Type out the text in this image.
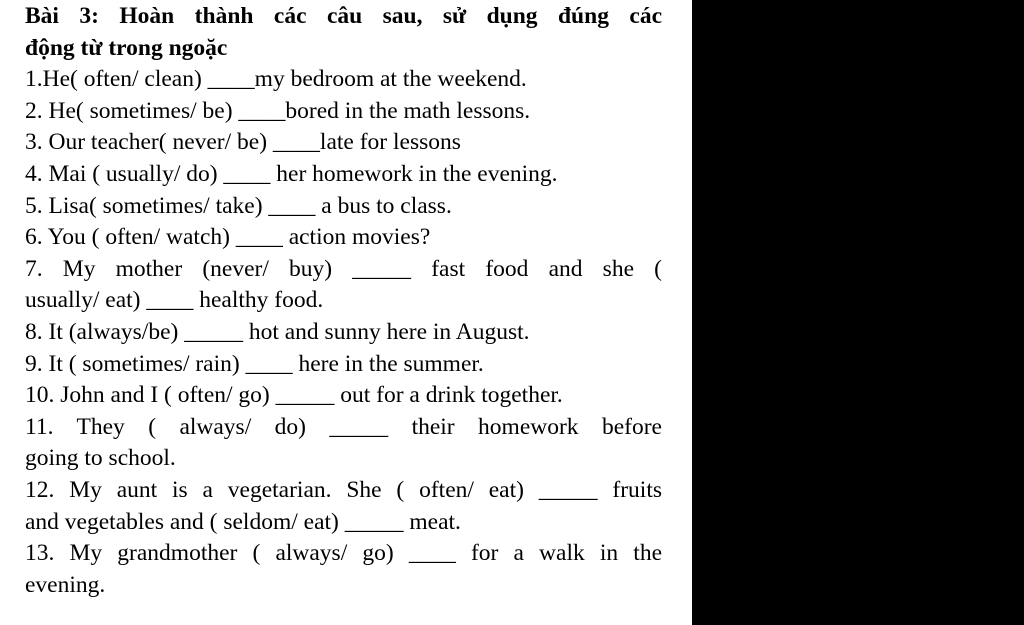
Bài 3: Hoàn thành các câu sau, sử dụng đúng các
động từ trong ngoặc
1.He( often/ clean) ____my bedroom at the weekend.
2. He( sometimes/ be) ____bored in the math lessons.
3. Our teacher( never/ be) ____late for lessons
4. Mai ( usually/ do) ____ her homework in the evening.
5. Lisa( sometimes/ take) ____ a bus to class.
6. You ( often/ watch) ____ action movies?
7. My mother (never/ buy) _____ fast food and she (
usually/ eat) ____ healthy food.
8. It (always/be) _____ hot and sunny here in August.
9. It ( sometimes/ rain) ____ here in the summer.
10. John and I ( often/ go) _____ out for a drink together.
11. They ( always/ do) _____ their homework before
going to school.
12. My aunt is a vegetarian. She ( often/ eat) _____ fruits
and vegetables and ( seldom/ eat) _____ meat.
13. My grandmother ( always/ go) ____ for a walk in the
evening.
